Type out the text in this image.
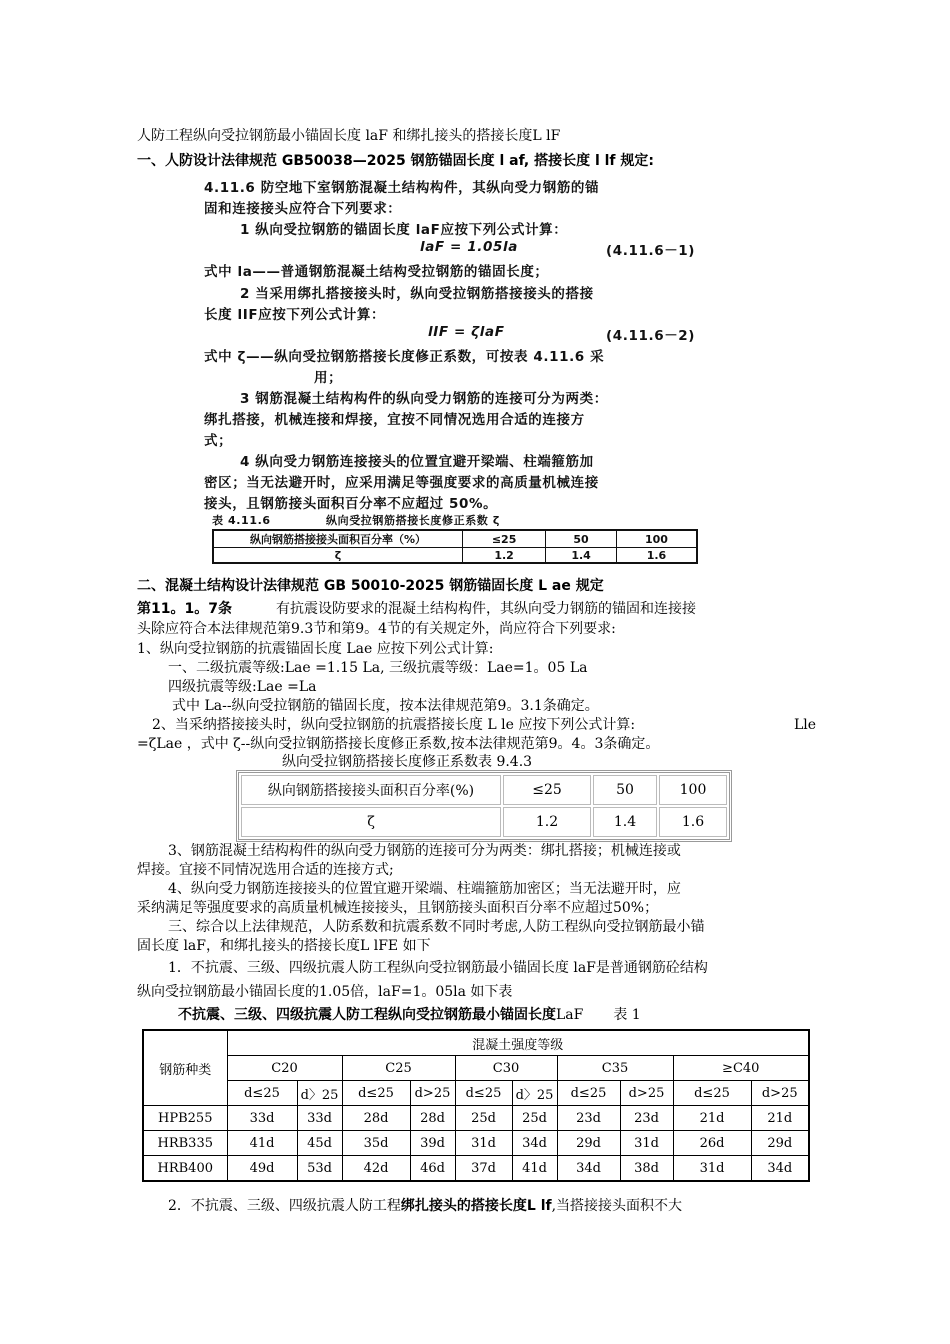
人防工程纵向受拉钢筋最小锚固长度 laF 和绑扎接头的搭接长度L lF
一、人防设计法律规范 GB50038—2025 钢筋锚固长度 l af, 搭接长度 l lf 规定:
4.11.6 防空地下室钢筋混凝土结构构件，其纵向受力钢筋的锚
固和连接接头应符合下列要求：
1 纵向受拉钢筋的锚固长度 laF应按下列公式计算：
laF = 1.05la	(4.11.6－1)
式中 la——普通钢筋混凝土结构受拉钢筋的锚固长度；
2 当采用绑扎搭接接头时，纵向受拉钢筋搭接接头的搭接
长度 lIF应按下列公式计算：
lIF = ζlaF	(4.11.6－2)
式中 ζ——纵向受拉钢筋搭接长度修正系数，可按表 4.11.6 采
用；
3 钢筋混凝土结构构件的纵向受力钢筋的连接可分为两类：
绑扎搭接，机械连接和焊接，宜按不同情况选用合适的连接方
式；
4 纵向受力钢筋连接接头的位置宜避开梁端、柱端箍筋加
密区；当无法避开时，应采用满足等强度要求的高质量机械连接
接头，且钢筋接头面积百分率不应超过 50%。
表 4.11.6	纵向受拉钢筋搭接长度修正系数 ζ
纵向钢筋搭接接头面积百分率（%）	≤25	50	100
ζ	1.2	1.4	1.6
二、混凝土结构设计法律规范 GB 50010-2025 钢筋锚固长度 L ae 规定
第11。1。7条	有抗震设防要求的混凝土结构构件，其纵向受力钢筋的锚固和连接接
头除应符合本法律规范第9.3节和第9。4节的有关规定外，尚应符合下列要求:
1、纵向受拉钢筋的抗震锚固长度 Lae 应按下列公式计算:
一、二级抗震等级:Lae =1.15 La, 三级抗震等级：Lae=1。05 La
四级抗震等级:Lae =La
式中 La--纵向受拉钢筋的锚固长度，按本法律规范第9。3.1条确定。
2、当采纳搭接接头时，纵向受拉钢筋的抗震搭接长度 L le 应按下列公式计算:	Lle
=ζLae ，式中 ζ--纵向受拉钢筋搭接长度修正系数,按本法律规范第9。4。3条确定。
纵向受拉钢筋搭接长度修正系数表 9.4.3
纵向钢筋搭接接头面积百分率(%)	≤25	50	100
ζ	1.2	1.4	1.6
3、钢筋混凝土结构构件的纵向受力钢筋的连接可分为两类：绑扎搭接；机械连接或
焊接。宜接不同情况选用合适的连接方式;
4、纵向受力钢筋连接接头的位置宜避开梁端、柱端箍筋加密区；当无法避开时，应
采纳满足等强度要求的高质量机械连接接头，且钢筋接头面积百分率不应超过50%；
三、综合以上法律规范，人防系数和抗震系数不同时考虑,人防工程纵向受拉钢筋最小锚
固长度 laF，和绑扎接头的搭接长度L lFE 如下
1．不抗震、三级、四级抗震人防工程纵向受拉钢筋最小锚固长度 laF是普通钢筋砼结构
纵向受拉钢筋最小锚固长度的1.05倍，laF=1。05la 如下表
不抗震、三级、四级抗震人防工程纵向受拉钢筋最小锚固长度LaF 表 1
钢筋种类	混凝土强度等级									
	C20		C25		C30		C35		≥C40	
	d≤25	d〉25	d≤25	d>25	d≤25	d〉25	d≤25	d>25	d≤25	d>25
HPB255	33d	33d	28d	28d	25d	25d	23d	23d	21d	21d
HRB335	41d	45d	35d	39d	31d	34d	29d	31d	26d	29d
HRB400	49d	53d	42d	46d	37d	41d	34d	38d	31d	34d
2．不抗震、三级、四级抗震人防工程绑扎接头的搭接长度L lf,当搭接接头面积不大
